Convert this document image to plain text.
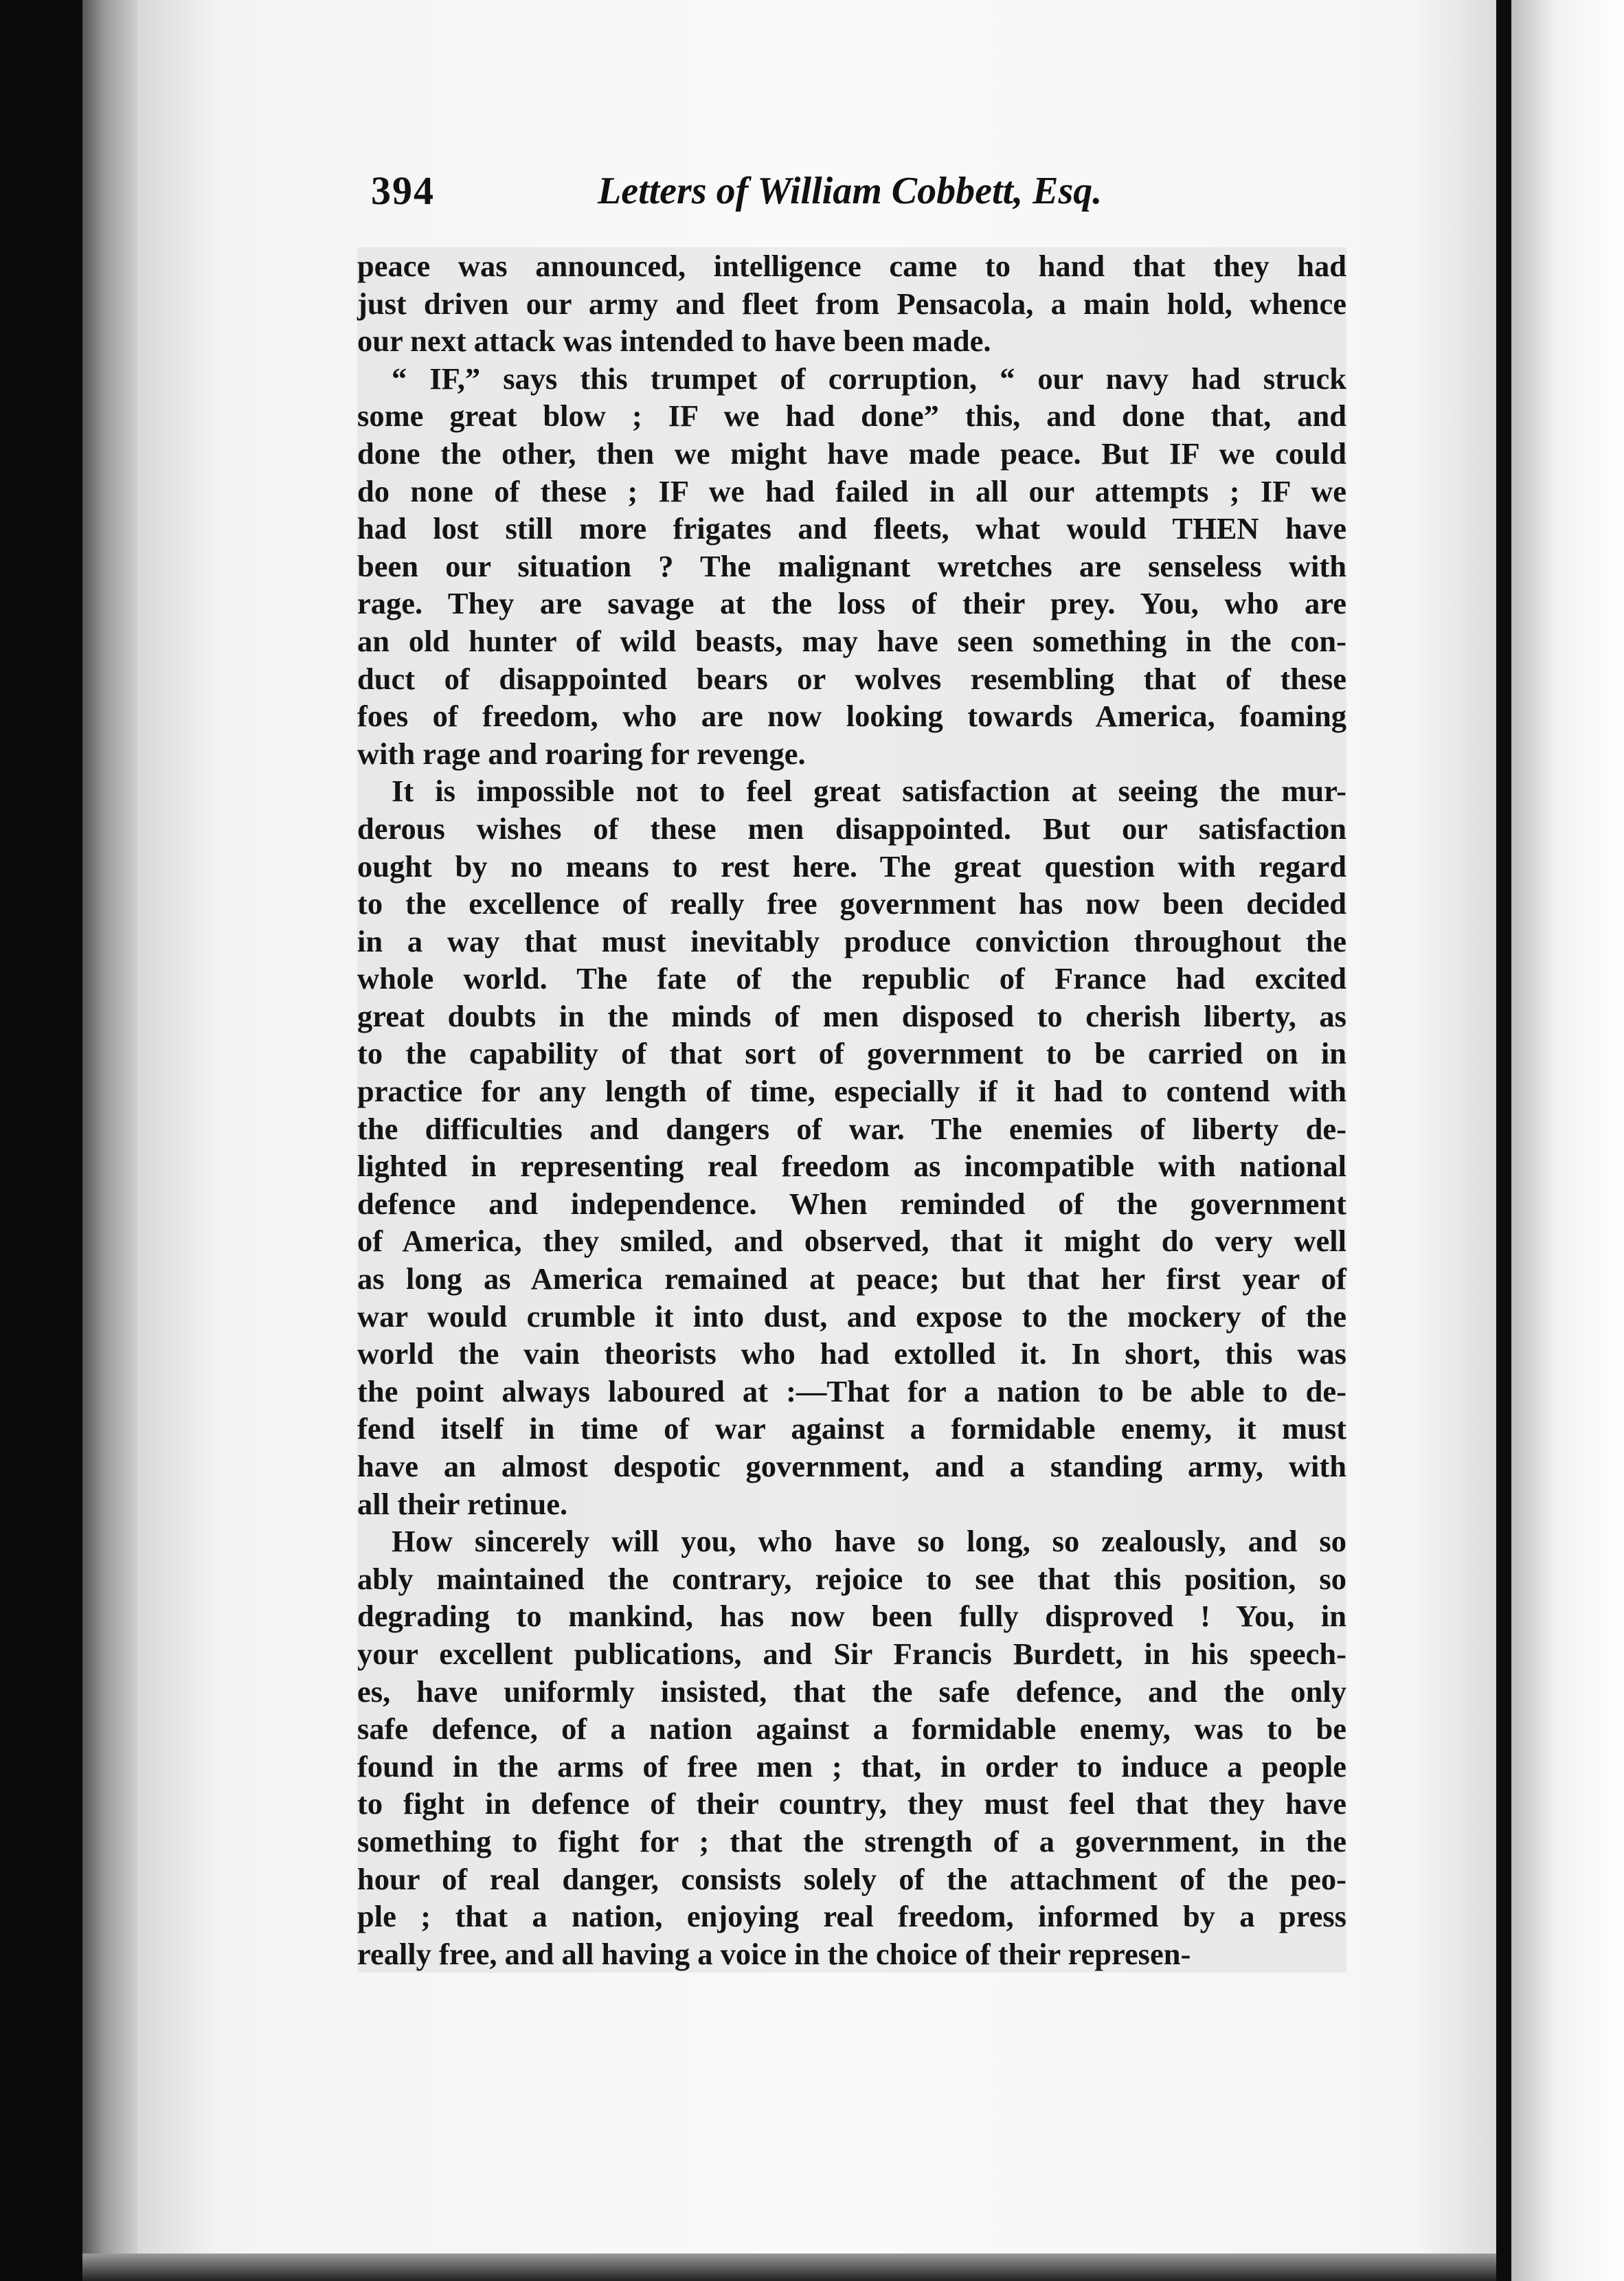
394	Letters of William Cobbett, Esq.

peace was announced, intelligence came to hand that they had
just driven our army and fleet from Pensacola, a main hold, whence
our next attack was intended to have been made.

“ IF,” says this trumpet of corruption, “ our navy had struck
some great blow ; IF we had done” this, and done that, and
done the other, then we might have made peace. But IF we could
do none of these ; IF we had failed in all our attempts ; IF we
had lost still more frigates and fleets, what would THEN have
been our situation ? The malignant wretches are senseless with
rage. They are savage at the loss of their prey. You, who are
an old hunter of wild beasts, may have seen something in the con-
duct of disappointed bears or wolves resembling that of these
foes of freedom, who are now looking towards America, foaming
with rage and roaring for revenge.

It is impossible not to feel great satisfaction at seeing the mur-
derous wishes of these men disappointed. But our satisfaction
ought by no means to rest here. The great question with regard
to the excellence of really free government has now been decided
in a way that must inevitably produce conviction throughout the
whole world. The fate of the republic of France had excited
great doubts in the minds of men disposed to cherish liberty, as
to the capability of that sort of government to be carried on in
practice for any length of time, especially if it had to contend with
the difficulties and dangers of war. The enemies of liberty de-
lighted in representing real freedom as incompatible with national
defence and independence. When reminded of the government
of America, they smiled, and observed, that it might do very well
as long as America remained at peace; but that her first year of
war would crumble it into dust, and expose to the mockery of the
world the vain theorists who had extolled it. In short, this was
the point always laboured at :—That for a nation to be able to de-
fend itself in time of war against a formidable enemy, it must
have an almost despotic government, and a standing army, with
all their retinue.

How sincerely will you, who have so long, so zealously, and so
ably maintained the contrary, rejoice to see that this position, so
degrading to mankind, has now been fully disproved ! You, in
your excellent publications, and Sir Francis Burdett, in his speech-
es, have uniformly insisted, that the safe defence, and the only
safe defence, of a nation against a formidable enemy, was to be
found in the arms of free men ; that, in order to induce a people
to fight in defence of their country, they must feel that they have
something to fight for ; that the strength of a government, in the
hour of real danger, consists solely of the attachment of the peo-
ple ; that a nation, enjoying real freedom, informed by a press
really free, and all having a voice in the choice of their represen-
